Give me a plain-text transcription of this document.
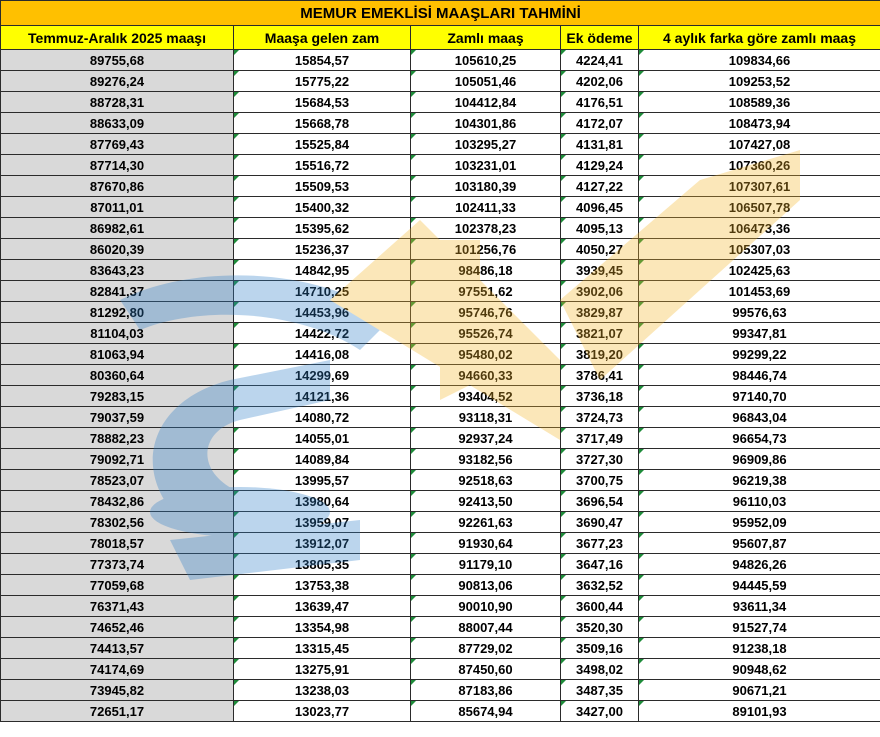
MEMUR EMEKLİSİ MAAŞLARI TAHMİNİ				
Temmuz-Aralık 2025 maaşı	Maaşa gelen zam	Zamlı maaş	Ek ödeme	4 aylık farka göre zamlı maaş
89755,68	15854,57	105610,25	4224,41	109834,66
89276,24	15775,22	105051,46	4202,06	109253,52
88728,31	15684,53	104412,84	4176,51	108589,36
88633,09	15668,78	104301,86	4172,07	108473,94
87769,43	15525,84	103295,27	4131,81	107427,08
87714,30	15516,72	103231,01	4129,24	107360,26
87670,86	15509,53	103180,39	4127,22	107307,61
87011,01	15400,32	102411,33	4096,45	106507,78
86982,61	15395,62	102378,23	4095,13	106473,36
86020,39	15236,37	101256,76	4050,27	105307,03
83643,23	14842,95	98486,18	3939,45	102425,63
82841,37	14710,25	97551,62	3902,06	101453,69
81292,80	14453,96	95746,76	3829,87	99576,63
81104,03	14422,72	95526,74	3821,07	99347,81
81063,94	14416,08	95480,02	3819,20	99299,22
80360,64	14299,69	94660,33	3786,41	98446,74
79283,15	14121,36	93404,52	3736,18	97140,70
79037,59	14080,72	93118,31	3724,73	96843,04
78882,23	14055,01	92937,24	3717,49	96654,73
79092,71	14089,84	93182,56	3727,30	96909,86
78523,07	13995,57	92518,63	3700,75	96219,38
78432,86	13980,64	92413,50	3696,54	96110,03
78302,56	13959,07	92261,63	3690,47	95952,09
78018,57	13912,07	91930,64	3677,23	95607,87
77373,74	13805,35	91179,10	3647,16	94826,26
77059,68	13753,38	90813,06	3632,52	94445,59
76371,43	13639,47	90010,90	3600,44	93611,34
74652,46	13354,98	88007,44	3520,30	91527,74
74413,57	13315,45	87729,02	3509,16	91238,18
74174,69	13275,91	87450,60	3498,02	90948,62
73945,82	13238,03	87183,86	3487,35	90671,21
72651,17	13023,77	85674,94	3427,00	89101,93
